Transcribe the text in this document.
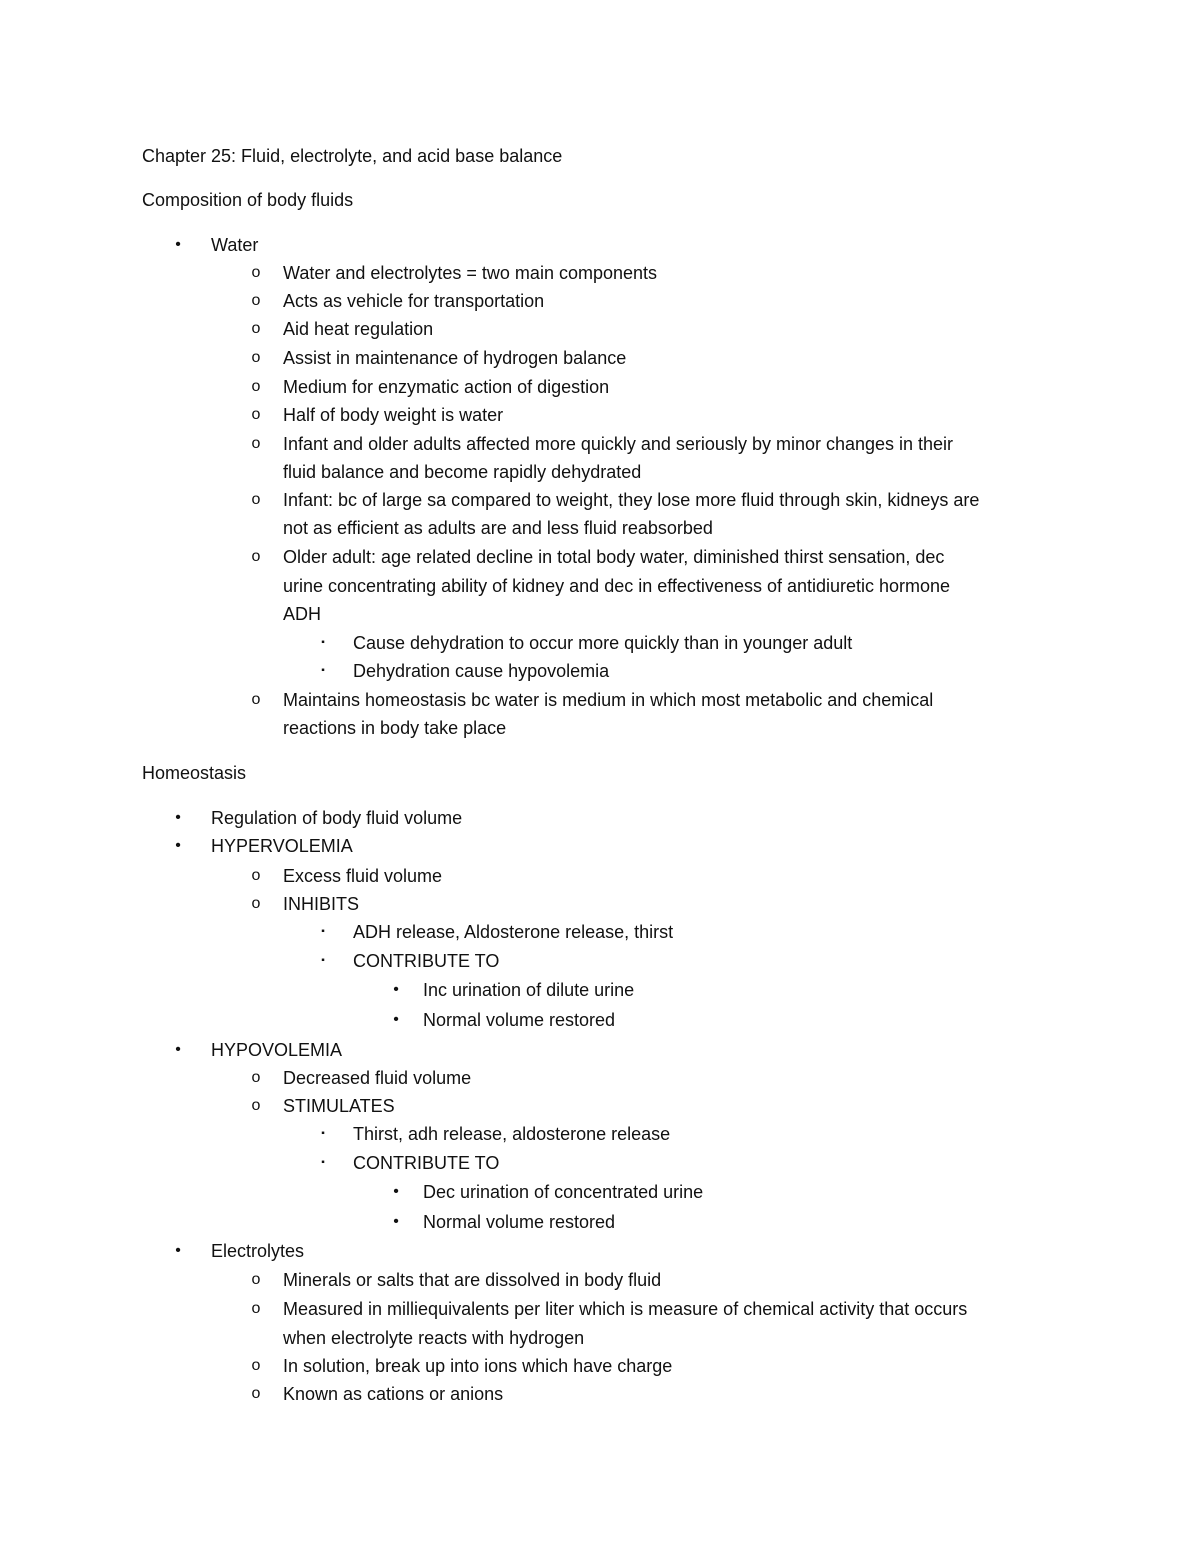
Chapter 25: Fluid, electrolyte, and acid base balance
Composition of body fluids
•	Water
o	Water and electrolytes = two main components
o	Acts as vehicle for transportation
o	Aid heat regulation
o	Assist in maintenance of hydrogen balance
o	Medium for enzymatic action of digestion
o	Half of body weight is water
o	Infant and older adults affected more quickly and seriously by minor changes in their
fluid balance and become rapidly dehydrated
o	Infant: bc of large sa compared to weight, they lose more fluid through skin, kidneys are
not as efficient as adults are and less fluid reabsorbed
o	Older adult: age related decline in total body water, diminished thirst sensation, dec
urine concentrating ability of kidney and dec in effectiveness of antidiuretic hormone
ADH
▪	Cause dehydration to occur more quickly than in younger adult
▪	Dehydration cause hypovolemia
o	Maintains homeostasis bc water is medium in which most metabolic and chemical
reactions in body take place
Homeostasis
•	Regulation of body fluid volume
•	HYPERVOLEMIA
o	Excess fluid volume
o	INHIBITS
▪	ADH release, Aldosterone release, thirst
▪	CONTRIBUTE TO
•	Inc urination of dilute urine
•	Normal volume restored
•	HYPOVOLEMIA
o	Decreased fluid volume
o	STIMULATES
▪	Thirst, adh release, aldosterone release
▪	CONTRIBUTE TO
•	Dec urination of concentrated urine
•	Normal volume restored
•	Electrolytes
o	Minerals or salts that are dissolved in body fluid
o	Measured in milliequivalents per liter which is measure of chemical activity that occurs
when electrolyte reacts with hydrogen
o	In solution, break up into ions which have charge
o	Known as cations or anions
